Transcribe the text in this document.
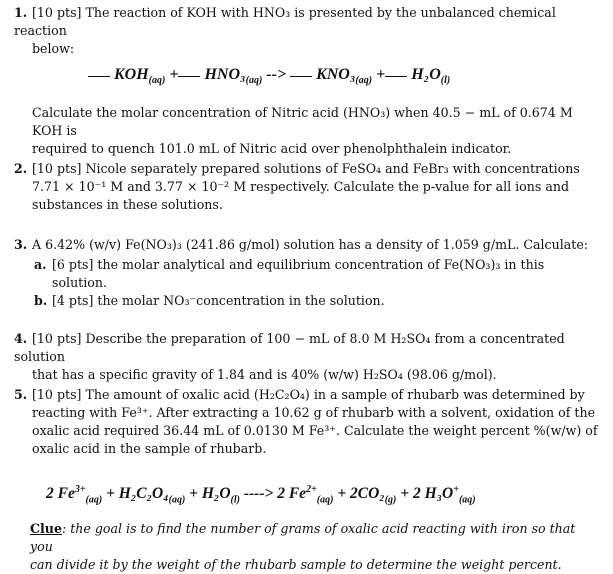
1. [10 pts] The reaction of KOH with HNO₃ is presented by the unbalanced chemical reaction
below:
$KOH_{(aq)} + HNO_3_{(aq)}$ --> $KNO_3_{(aq)} + H_2O_{(l)}$
Calculate the molar concentration of Nitric acid (HNO₃) when 40.5 − mL of 0.674 M KOH is
required to quench 101.0 mL of Nitric acid over phenolphthalein indicator.
2. [10 pts] Nicole separately prepared solutions of FeSO₄ and FeBr₃ with concentrations
7.71 × 10⁻¹ M and 3.77 × 10⁻² M respectively. Calculate the p-value for all ions and
substances in these solutions.
3. A 6.42% (w/v) Fe(NO₃)₃ (241.86 g/mol) solution has a density of 1.059 g/mL. Calculate:
a. [6 pts] the molar analytical and equilibrium concentration of Fe(NO₃)₃ in this
solution.
b. [4 pts] the molar NO₃⁻concentration in the solution.
4. [10 pts] Describe the preparation of 100 − mL of 8.0 M H₂SO₄ from a concentrated solution
that has a specific gravity of 1.84 and is 40% (w/w) H₂SO₄ (98.06 g/mol).
5. [10 pts] The amount of oxalic acid (H₂C₂O₄) in a sample of rhubarb was determined by
reacting with Fe³⁺. After extracting a 10.62 g of rhubarb with a solvent, oxidation of the
oxalic acid required 36.44 mL of 0.0130 M Fe³⁺. Calculate the weight percent %(w/w) of
oxalic acid in the sample of rhubarb.
2 $Fe^{3+}_{(aq)} + H_2C_2O_4_{(aq)} + H_2O_{(l)}$ ----> 2 $Fe^{2+}_{(aq)} + 2CO_2_{(g)} + 2$ $H_3O^+_{(aq)}$
Clue: the goal is to find the number of grams of oxalic acid reacting with iron so that you
can divide it by the weight of the rhubarb sample to determine the weight percent.
